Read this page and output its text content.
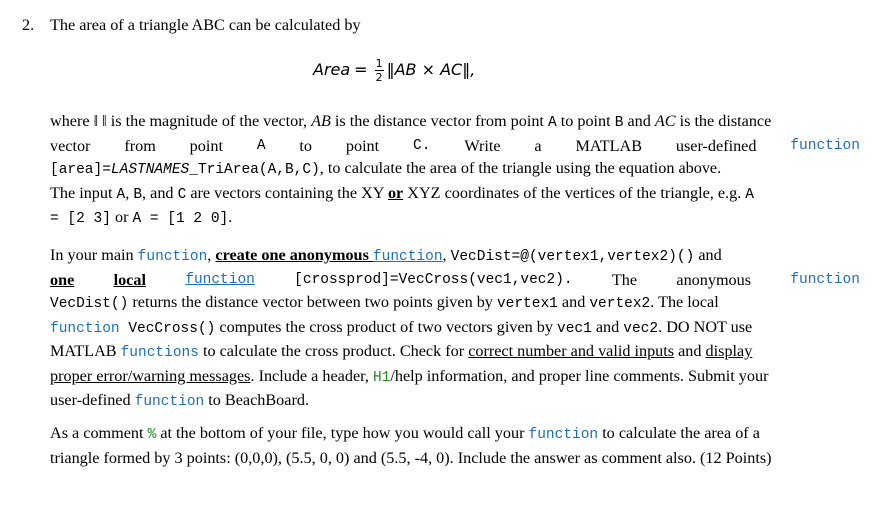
2. The area of a triangle ABC can be calculated by
Area = $\frac{1}{2}$ ‖AB × AC‖,
where ‖ ‖ is the magnitude of the vector, AB is the distance vector from point A to point B and AC is the distance
vector from point A to point C. Write a MATLAB user-defined function
[area]=LASTNAMES_TriArea(A,B,C), to calculate the area of the triangle using the equation above.
The input A, B, and C are vectors containing the XY or XYZ coordinates of the vertices of the triangle, e.g. A
= [2 3] or A = [1 2 0].
In your main function, create one anonymous function, VecDist=@(vertex1,vertex2)() and
one local	function	[crossprod]=VecCross(vec1,vec2). The anonymous	function
VecDist() returns the distance vector between two points given by vertex1 and vertex2. The local
function VecCross() computes the cross product of two vectors given by vec1 and vec2. DO NOT use
MATLAB functions to calculate the cross product. Check for correct number and valid inputs and display
proper error/warning messages. Include a header, H1/help information, and proper line comments. Submit your
user-defined function to BeachBoard.
As a comment % at the bottom of your file, type how you would call your function to calculate the area of a
triangle formed by 3 points: (0,0,0), (5.5, 0, 0) and (5.5, -4, 0). Include the answer as comment also. (12 Points)
